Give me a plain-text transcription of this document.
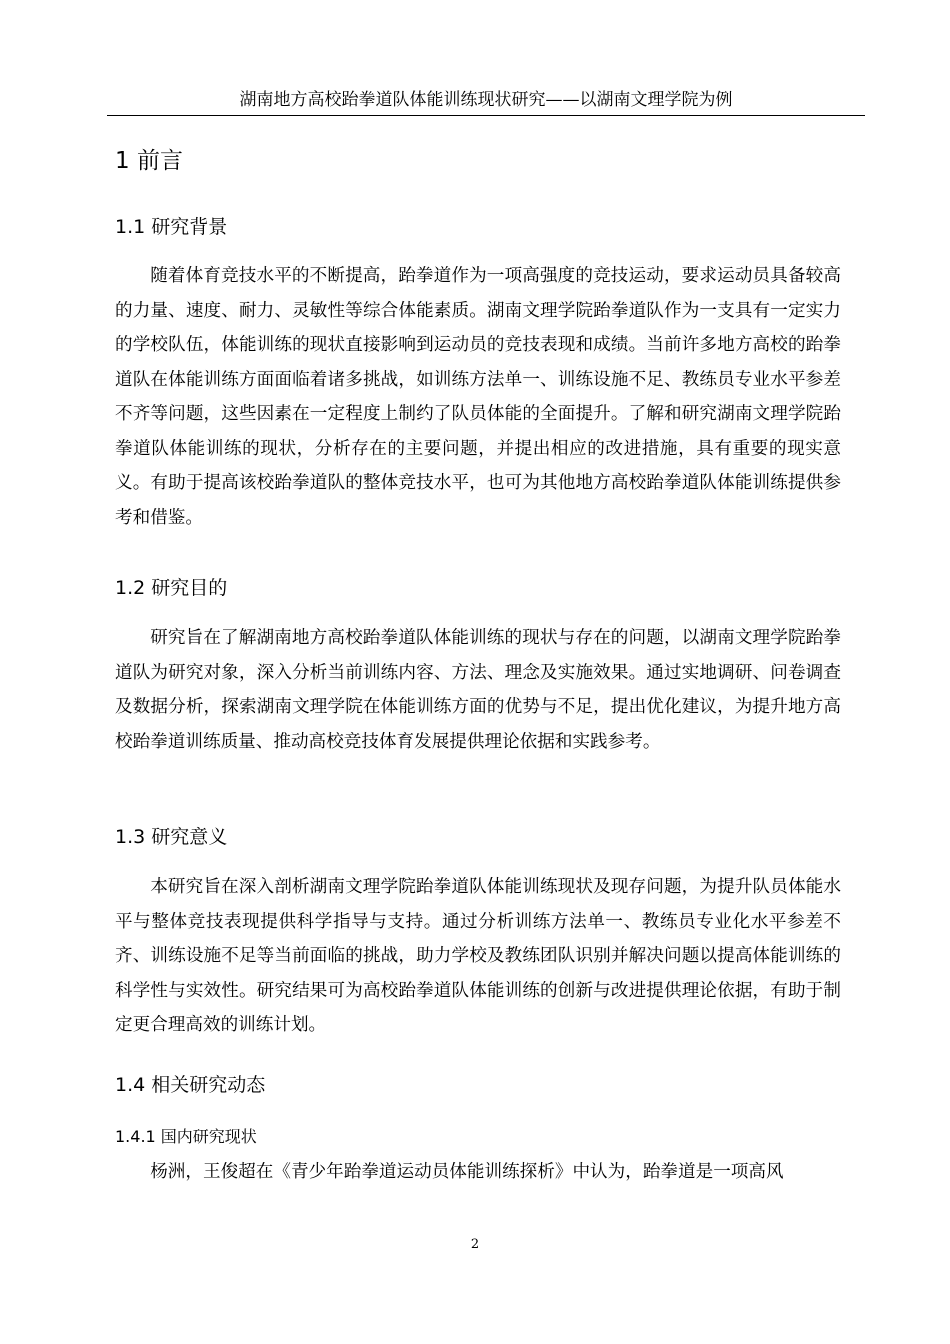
湖南地方高校跆拳道队体能训练现状研究——以湖南文理学院为例
1 前言
1.1 研究背景

随着体育竞技水平的不断提高，跆拳道作为一项高强度的竞技运动，要求运动员具备较高的力量、速度、耐力、灵敏性等综合体能素质。湖南文理学院跆拳道队作为一支具有一定实力的学校队伍，体能训练的现状直接影响到运动员的竞技表现和成绩。当前许多地方高校的跆拳道队在体能训练方面面临着诸多挑战，如训练方法单一、训练设施不足、教练员专业水平参差不齐等问题，这些因素在一定程度上制约了队员体能的全面提升。了解和研究湖南文理学院跆拳道队体能训练的现状，分析存在的主要问题，并提出相应的改进措施，具有重要的现实意义。有助于提高该校跆拳道队的整体竞技水平，也可为其他地方高校跆拳道队体能训练提供参考和借鉴。

1.2 研究目的

研究旨在了解湖南地方高校跆拳道队体能训练的现状与存在的问题，以湖南文理学院跆拳道队为研究对象，深入分析当前训练内容、方法、理念及实施效果。通过实地调研、问卷调查及数据分析，探索湖南文理学院在体能训练方面的优势与不足，提出优化建议，为提升地方高校跆拳道训练质量、推动高校竞技体育发展提供理论依据和实践参考。

1.3 研究意义

本研究旨在深入剖析湖南文理学院跆拳道队体能训练现状及现存问题，为提升队员体能水平与整体竞技表现提供科学指导与支持。通过分析训练方法单一、教练员专业化水平参差不齐、训练设施不足等当前面临的挑战，助力学校及教练团队识别并解决问题以提高体能训练的科学性与实效性。研究结果可为高校跆拳道队体能训练的创新与改进提供理论依据，有助于制定更合理高效的训练计划。

1.4 相关研究动态
1.4.1 国内研究现状

杨洲，王俊超在《青少年跆拳道运动员体能训练探析》中认为，跆拳道是一项高风

2
